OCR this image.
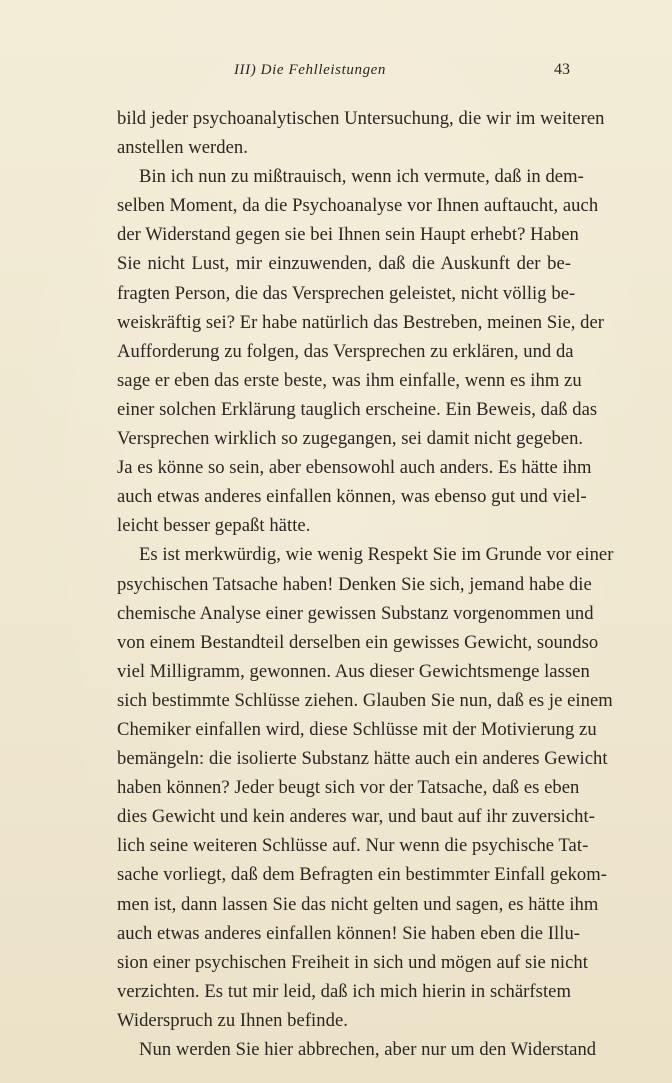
III) Die Fehlleistungen	43
bild jeder psychoanalytischen Untersuchung, die wir im weiteren
anstellen werden.
Bin ich nun zu mißtrauisch, wenn ich vermute, daß in dem-
selben Moment, da die Psychoanalyse vor Ihnen auftaucht, auch
der Widerstand gegen sie bei Ihnen sein Haupt erhebt? Haben
Sie nicht Lust, mir einzuwenden, daß die Auskunft der be-
fragten Person, die das Versprechen geleistet, nicht völlig be-
weiskräftig sei? Er habe natürlich das Bestreben, meinen Sie, der
Aufforderung zu folgen, das Versprechen zu erklären, und da
sage er eben das erste beste, was ihm einfalle, wenn es ihm zu
einer solchen Erklärung tauglich erscheine. Ein Beweis, daß das
Versprechen wirklich so zugegangen, sei damit nicht gegeben.
Ja es könne so sein, aber ebensowohl auch anders. Es hätte ihm
auch etwas anderes einfallen können, was ebenso gut und viel-
leicht besser gepaßt hätte.
Es ist merkwürdig, wie wenig Respekt Sie im Grunde vor einer
psychischen Tatsache haben! Denken Sie sich, jemand habe die
chemische Analyse einer gewissen Substanz vorgenommen und
von einem Bestandteil derselben ein gewisses Gewicht, soundso
viel Milligramm, gewonnen. Aus dieser Gewichtsmenge lassen
sich bestimmte Schlüsse ziehen. Glauben Sie nun, daß es je einem
Chemiker einfallen wird, diese Schlüsse mit der Motivierung zu
bemängeln: die isolierte Substanz hätte auch ein anderes Gewicht
haben können? Jeder beugt sich vor der Tatsache, daß es eben
dies Gewicht und kein anderes war, und baut auf ihr zuversicht-
lich seine weiteren Schlüsse auf. Nur wenn die psychische Tat-
sache vorliegt, daß dem Befragten ein bestimmter Einfall gekom-
men ist, dann lassen Sie das nicht gelten und sagen, es hätte ihm
auch etwas anderes einfallen können! Sie haben eben die Illu-
sion einer psychischen Freiheit in sich und mögen auf sie nicht
verzichten. Es tut mir leid, daß ich mich hierin in schärfstem
Widerspruch zu Ihnen befinde.
Nun werden Sie hier abbrechen, aber nur um den Widerstand
